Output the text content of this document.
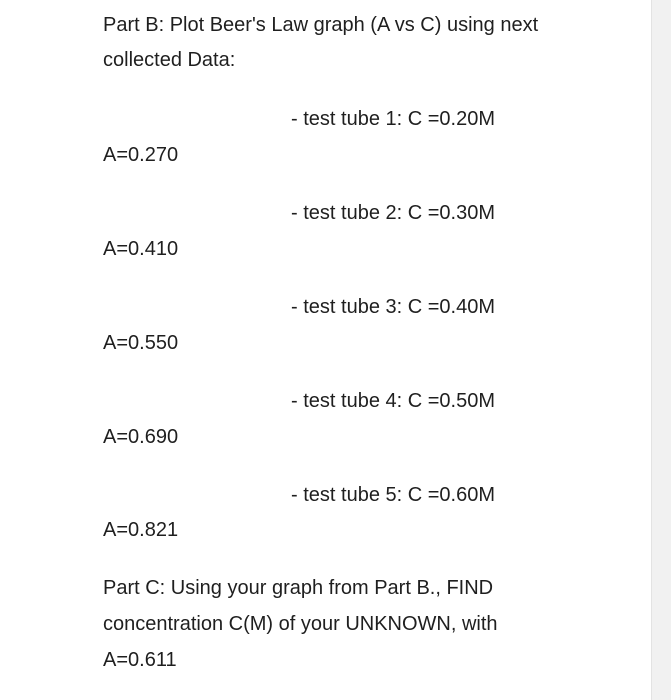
Part B: Plot Beer's Law graph (A vs C) using next

collected Data:

- test tube 1: C =0.20M

A=0.270

- test tube 2: C =0.30M

A=0.410

- test tube 3: C =0.40M

A=0.550

- test tube 4: C =0.50M

A=0.690

- test tube 5: C =0.60M

A=0.821

Part C: Using your graph from Part B., FIND

concentration C(M) of your UNKNOWN, with

A=0.611
